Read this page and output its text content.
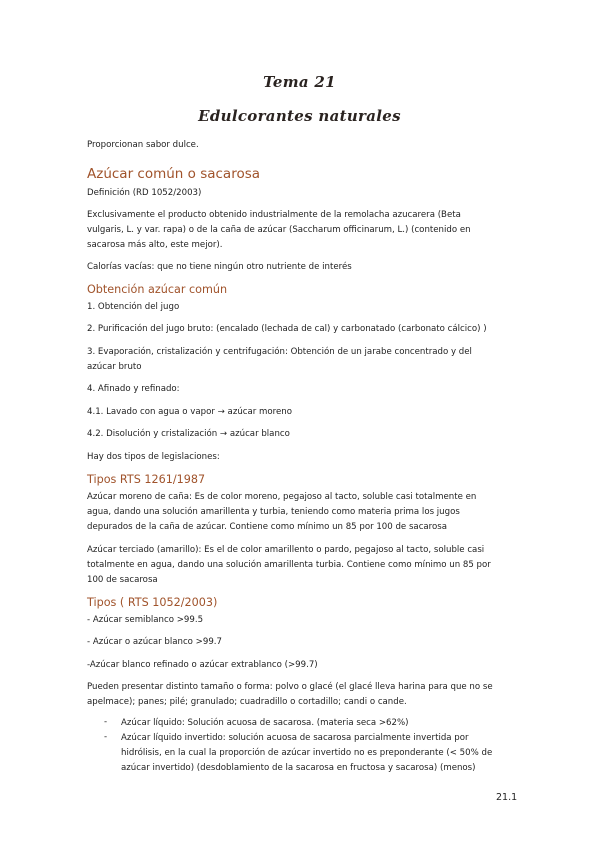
Tema 21
Edulcorantes naturales
Proporcionan sabor dulce.
Azúcar común o sacarosa
Definición (RD 1052/2003)
Exclusivamente el producto obtenido industrialmente de la remolacha azucarera (Beta
vulgaris, L. y var. rapa) o de la caña de azúcar (Saccharum officinarum, L.) (contenido en
sacarosa más alto, este mejor).
Calorías vacías: que no tiene ningún otro nutriente de interés
Obtención azúcar común
1. Obtención del jugo
2. Purificación del jugo bruto: (encalado (lechada de cal) y carbonatado (carbonato cálcico) )
3. Evaporación, cristalización y centrifugación: Obtención de un jarabe concentrado y del
azúcar bruto
4. Afinado y refinado:
4.1. Lavado con agua o vapor → azúcar moreno
4.2. Disolución y cristalización → azúcar blanco
Hay dos tipos de legislaciones:
Tipos RTS 1261/1987
Azúcar moreno de caña: Es de color moreno, pegajoso al tacto, soluble casi totalmente en
agua, dando una solución amarillenta y turbia, teniendo como materia prima los jugos
depurados de la caña de azúcar. Contiene como mínimo un 85 por 100 de sacarosa
Azúcar terciado (amarillo): Es el de color amarillento o pardo, pegajoso al tacto, soluble casi
totalmente en agua, dando una solución amarillenta turbia. Contiene como mínimo un 85 por
100 de sacarosa
Tipos ( RTS 1052/2003)
- Azúcar semiblanco >99.5
- Azúcar o azúcar blanco >99.7
-Azúcar blanco refinado o azúcar extrablanco (>99.7)
Pueden presentar distinto tamaño o forma: polvo o glacé (el glacé lleva harina para que no se
apelmace); panes; pilé; granulado; cuadradillo o cortadillo; candi o cande.
- Azúcar líquido: Solución acuosa de sacarosa. (materia seca >62%)
- Azúcar líquido invertido: solución acuosa de sacarosa parcialmente invertida por
hidrólisis, en la cual la proporción de azúcar invertido no es preponderante (< 50% de
azúcar invertido) (desdoblamiento de la sacarosa en fructosa y sacarosa) (menos)
21.1
